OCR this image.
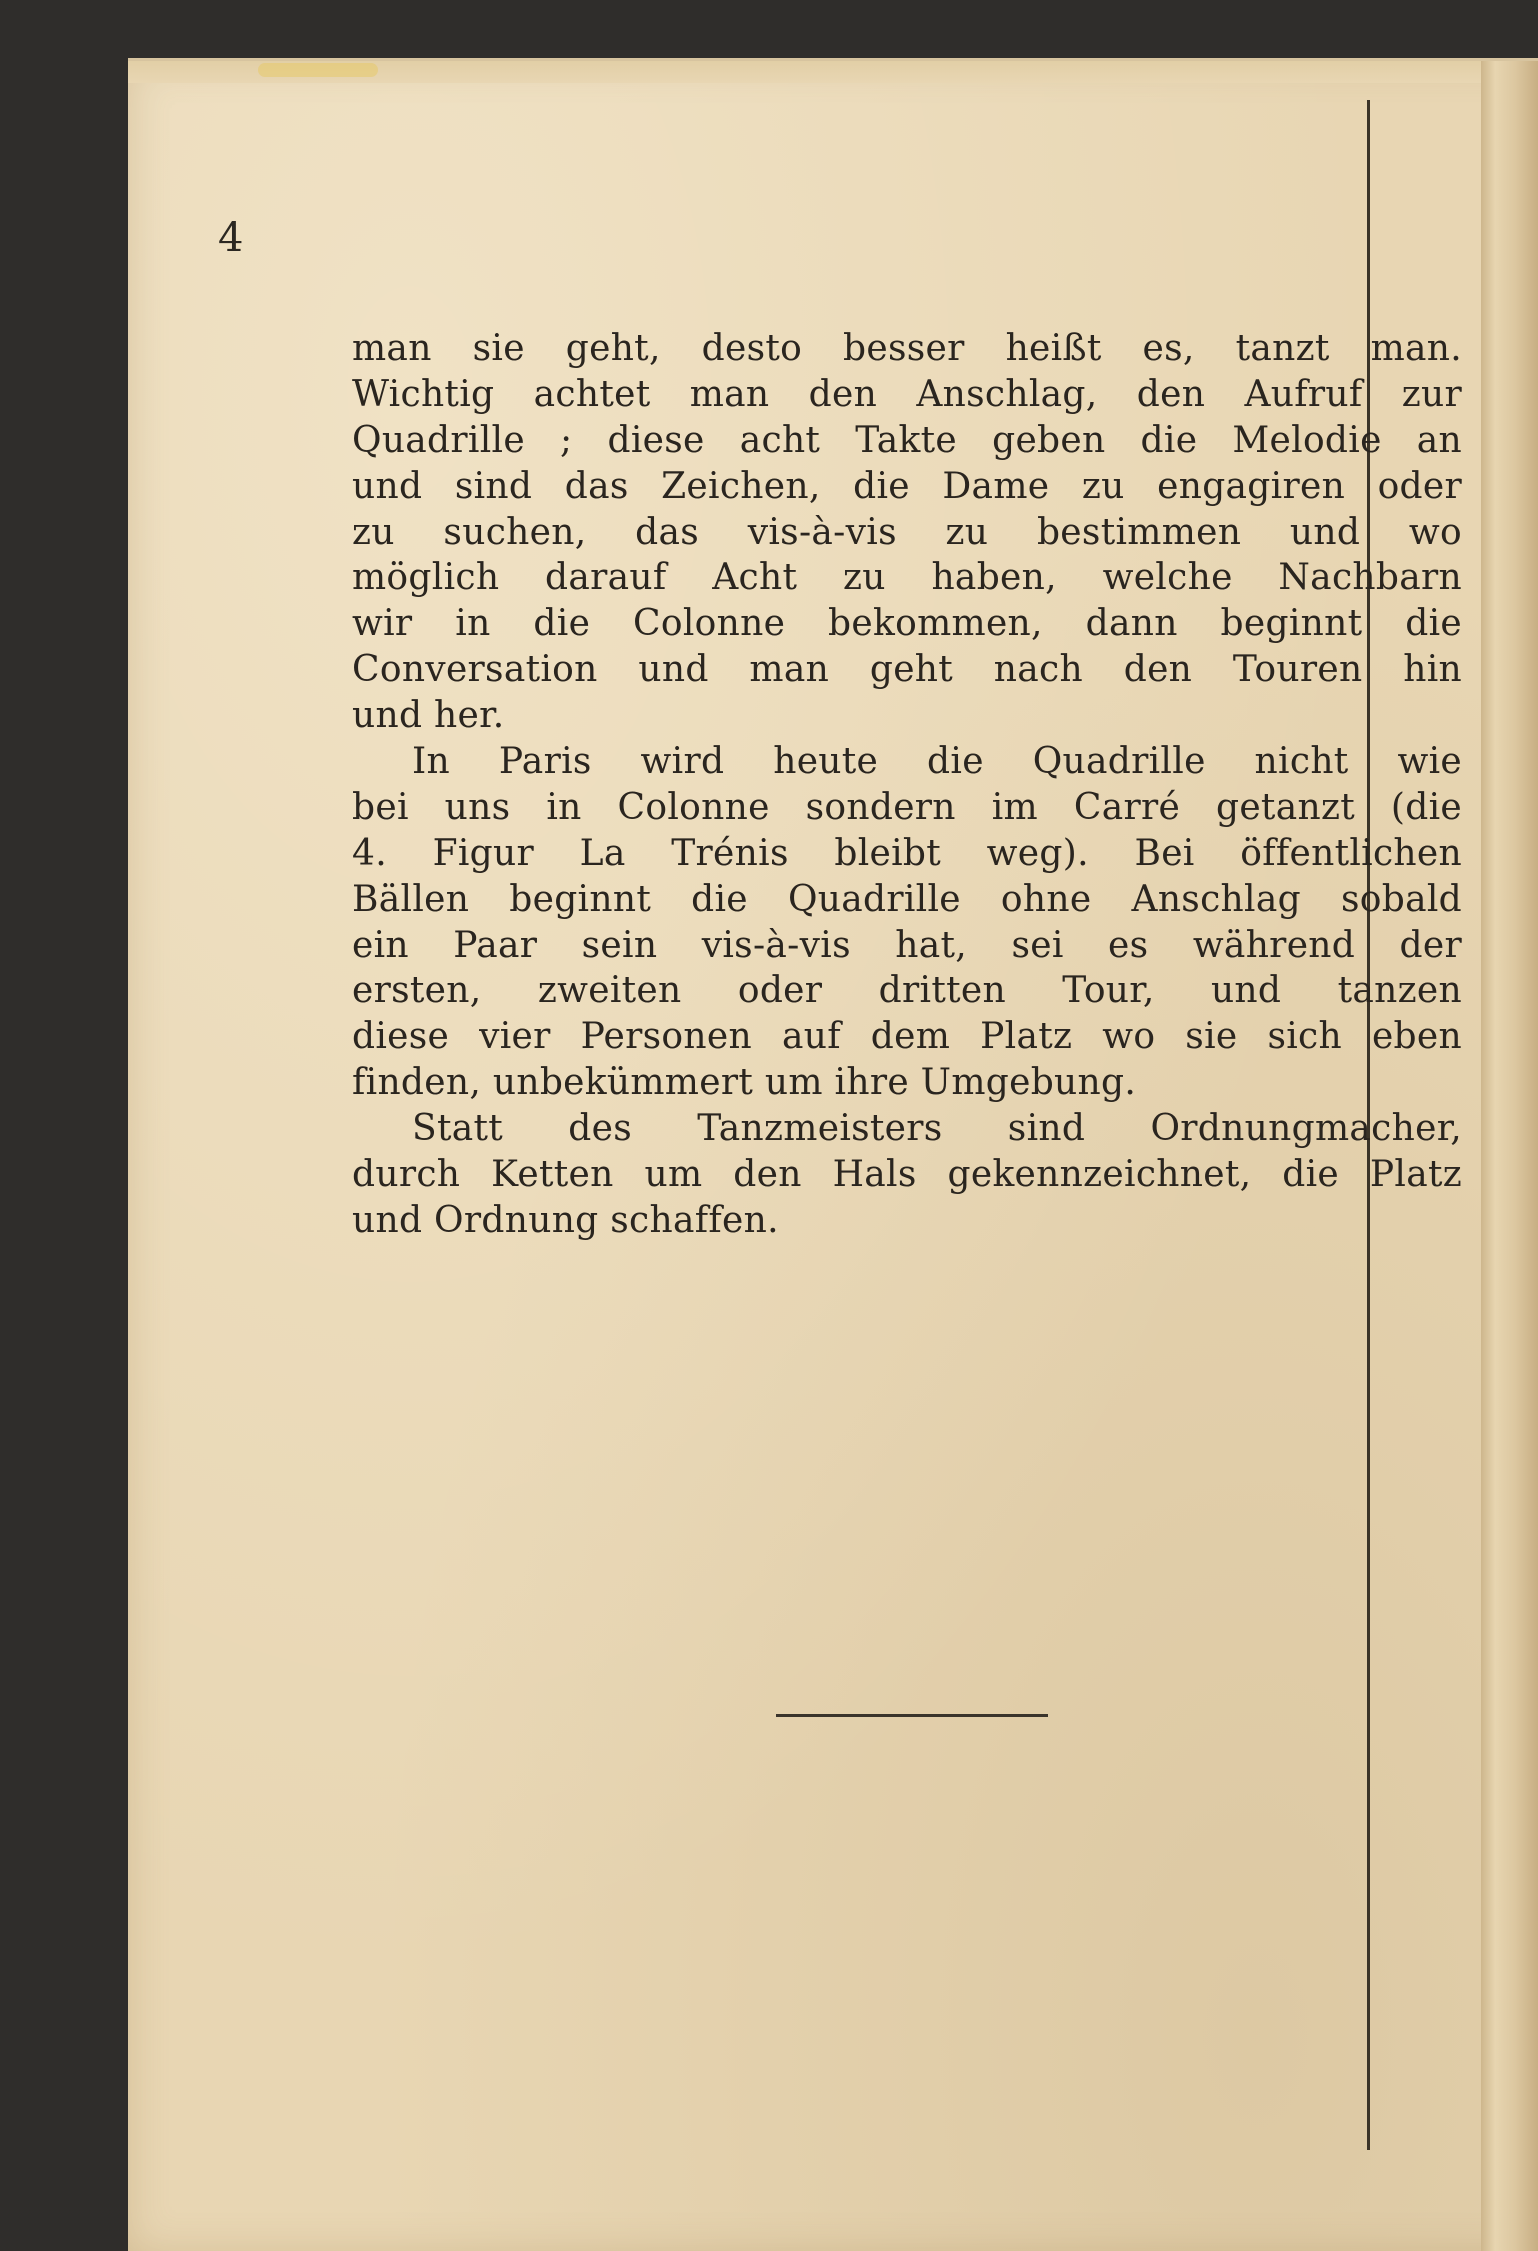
4
man sie geht, desto besser heißt es, tanzt man.
Wichtig achtet man den Anschlag, den Aufruf zur
Quadrille ; diese acht Takte geben die Melodie an
und sind das Zeichen, die Dame zu engagiren oder
zu suchen, das vis-à-vis zu bestimmen und wo
möglich darauf Acht zu haben, welche Nachbarn
wir in die Colonne bekommen, dann beginnt die
Conversation und man geht nach den Touren hin
und her.
In Paris wird heute die Quadrille nicht wie
bei uns in Colonne sondern im Carré getanzt (die
4. Figur La Trénis bleibt weg). Bei öffentlichen
Bällen beginnt die Quadrille ohne Anschlag sobald
ein Paar sein vis-à-vis hat, sei es während der
ersten, zweiten oder dritten Tour, und tanzen
diese vier Personen auf dem Platz wo sie sich eben
finden, unbekümmert um ihre Umgebung.
Statt des Tanzmeisters sind Ordnungmacher,
durch Ketten um den Hals gekennzeichnet, die Platz
und Ordnung schaffen.
